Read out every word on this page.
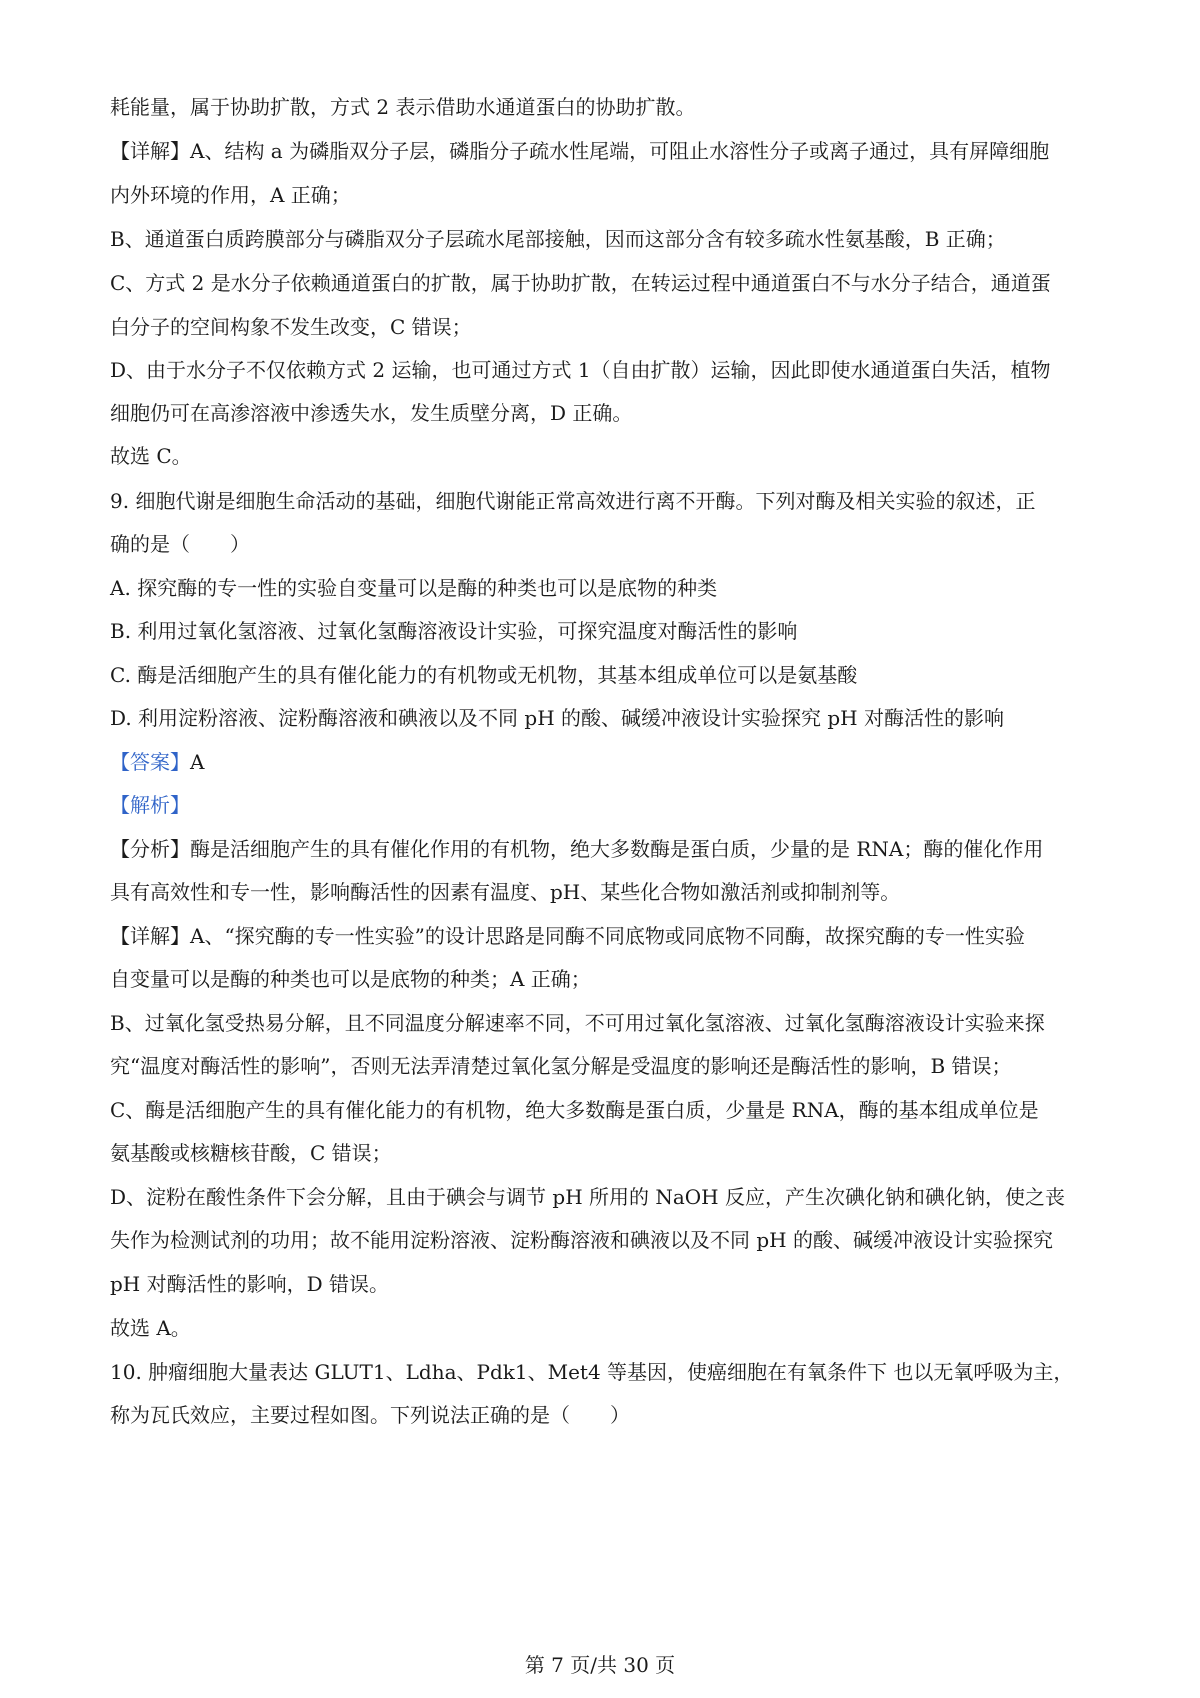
耗能量，属于协助扩散，方式 2 表示借助水通道蛋白的协助扩散。
【详解】A、结构 a 为磷脂双分子层，磷脂分子疏水性尾端，可阻止水溶性分子或离子通过，具有屏障细胞
内外环境的作用，A 正确；
B、通道蛋白质跨膜部分与磷脂双分子层疏水尾部接触，因而这部分含有较多疏水性氨基酸，B 正确；
C、方式 2 是水分子依赖通道蛋白的扩散，属于协助扩散，在转运过程中通道蛋白不与水分子结合，通道蛋
白分子的空间构象不发生改变，C 错误；
D、由于水分子不仅依赖方式 2 运输，也可通过方式 1（自由扩散）运输，因此即使水通道蛋白失活，植物
细胞仍可在高渗溶液中渗透失水，发生质壁分离，D 正确。
故选 C。
9. 细胞代谢是细胞生命活动的基础，细胞代谢能正常高效进行离不开酶。下列对酶及相关实验的叙述，正
确的是（　　）
A. 探究酶的专一性的实验自变量可以是酶的种类也可以是底物的种类
B. 利用过氧化氢溶液、过氧化氢酶溶液设计实验，可探究温度对酶活性的影响
C. 酶是活细胞产生的具有催化能力的有机物或无机物，其基本组成单位可以是氨基酸
D. 利用淀粉溶液、淀粉酶溶液和碘液以及不同 pH 的酸、碱缓冲液设计实验探究 pH 对酶活性的影响
【答案】A
【解析】
【分析】酶是活细胞产生的具有催化作用的有机物，绝大多数酶是蛋白质，少量的是 RNA；酶的催化作用
具有高效性和专一性，影响酶活性的因素有温度、pH、某些化合物如激活剂或抑制剂等。
【详解】A、“探究酶的专一性实验”的设计思路是同酶不同底物或同底物不同酶，故探究酶的专一性实验
自变量可以是酶的种类也可以是底物的种类；A 正确；
B、过氧化氢受热易分解，且不同温度分解速率不同，不可用过氧化氢溶液、过氧化氢酶溶液设计实验来探
究“温度对酶活性的影响”，否则无法弄清楚过氧化氢分解是受温度的影响还是酶活性的影响，B 错误；
C、酶是活细胞产生的具有催化能力的有机物，绝大多数酶是蛋白质，少量是 RNA，酶的基本组成单位是
氨基酸或核糖核苷酸，C 错误；
D、淀粉在酸性条件下会分解，且由于碘会与调节 pH 所用的 NaOH 反应，产生次碘化钠和碘化钠，使之丧
失作为检测试剂的功用；故不能用淀粉溶液、淀粉酶溶液和碘液以及不同 pH 的酸、碱缓冲液设计实验探究
pH 对酶活性的影响，D 错误。
故选 A。
10. 肿瘤细胞大量表达 GLUT1、Ldha、Pdk1、Met4 等基因，使癌细胞在有氧条件下 也以无氧呼吸为主，
称为瓦氏效应，主要过程如图。下列说法正确的是（　　）
第 7 页/共 30 页
